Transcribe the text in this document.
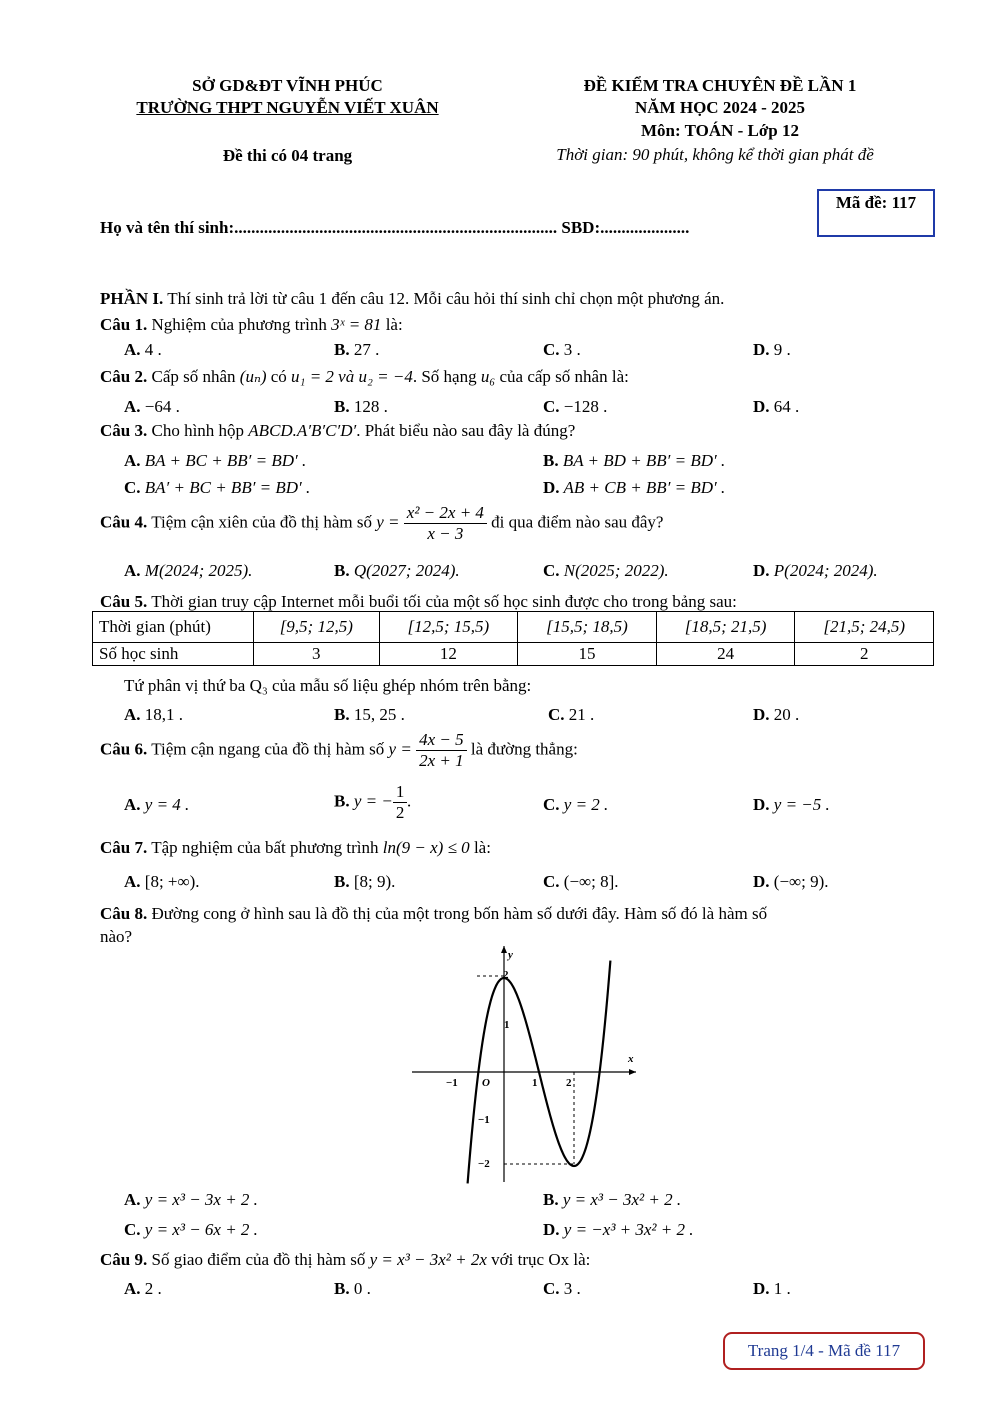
SỞ GD&ĐT VĨNH PHÚC
TRƯỜNG THPT NGUYỄN VIẾT XUÂN
Đề thi có 04 trang
ĐỀ KIỂM TRA CHUYÊN ĐỀ LẦN 1
NĂM HỌC 2024 - 2025
Môn: TOÁN - Lớp 12
Thời gian: 90 phút, không kể thời gian phát đề
Mã đề: 117
Họ và tên thí sinh:............................................................................ SBD:.....................
PHẦN I. Thí sinh trả lời từ câu 1 đến câu 12. Mỗi câu hỏi thí sinh chỉ chọn một phương án.
Câu 1. Nghiệm của phương trình 3ˣ = 81 là:
A. 4 .	B. 27 .	C. 3 .	D. 9 .
Câu 2. Cấp số nhân (uₙ) có u₁ = 2 và u₂ = −4. Số hạng u₆ của cấp số nhân là:
A. −64 .	B. 128 .	C. −128 .	D. 64 .
Câu 3. Cho hình hộp ABCD.A′B′C′D′. Phát biểu nào sau đây là đúng?
A. BA + BC + BB′ = BD′ .	B. BA + BD + BB′ = BD′ .
C. BA′ + BC + BB′ = BD′ .	D. AB + CB + BB′ = BD′ .
Câu 4. Tiệm cận xiên của đồ thị hàm số $y = \frac{\text{x² − 2x + 4}}{x - 3}$ đi qua điểm nào sau đây?
A. M(2024; 2025).	B. Q(2027; 2024).	C. N(2025; 2022).	D. P(2024; 2024).
Câu 5. Thời gian truy cập Internet mỗi buổi tối của một số học sinh được cho trong bảng sau:
Thời gian (phút)	[9,5; 12,5)	[12,5; 15,5)	[15,5; 18,5)	[18,5; 21,5)	[21,5; 24,5)
Số học sinh	3	12	15	24	2
Tứ phân vị thứ ba Q₃ của mẫu số liệu ghép nhóm trên bằng:
A. 18,1 .	B. 15, 25 .	C. 21 .	D. 20 .
Câu 6. Tiệm cận ngang của đồ thị hàm số $y = \frac{4x - 5}{2x + 1}$ là đường thẳng:
A. y = 4 .	B. y = − $\frac{1}{2}$ .	C. y = 2 .	D. y = −5 .
Câu 7. Tập nghiệm của bất phương trình ln(9 − x) ≤ 0 là:
A. [8; +∞).	B. [8; 9).	C. (−∞; 8].	D. (−∞; 9).
Câu 8. Đường cong ở hình sau là đồ thị của một trong bốn hàm số dưới đây. Hàm số đó là hàm số
nào?
y
x
2
1
−1 O	1	2
−1
−2
A. y = x³ − 3x + 2 .	B. y = x³ − 3x² + 2 .
C. y = x³ − 6x + 2 .	D. y = −x³ + 3x² + 2 .
Câu 9. Số giao điểm của đồ thị hàm số y = x³ − 3x² + 2x với trục Ox là:
A. 2 .	B. 0 .	C. 3 .	D. 1 .
Trang 1/4 - Mã đề 117
